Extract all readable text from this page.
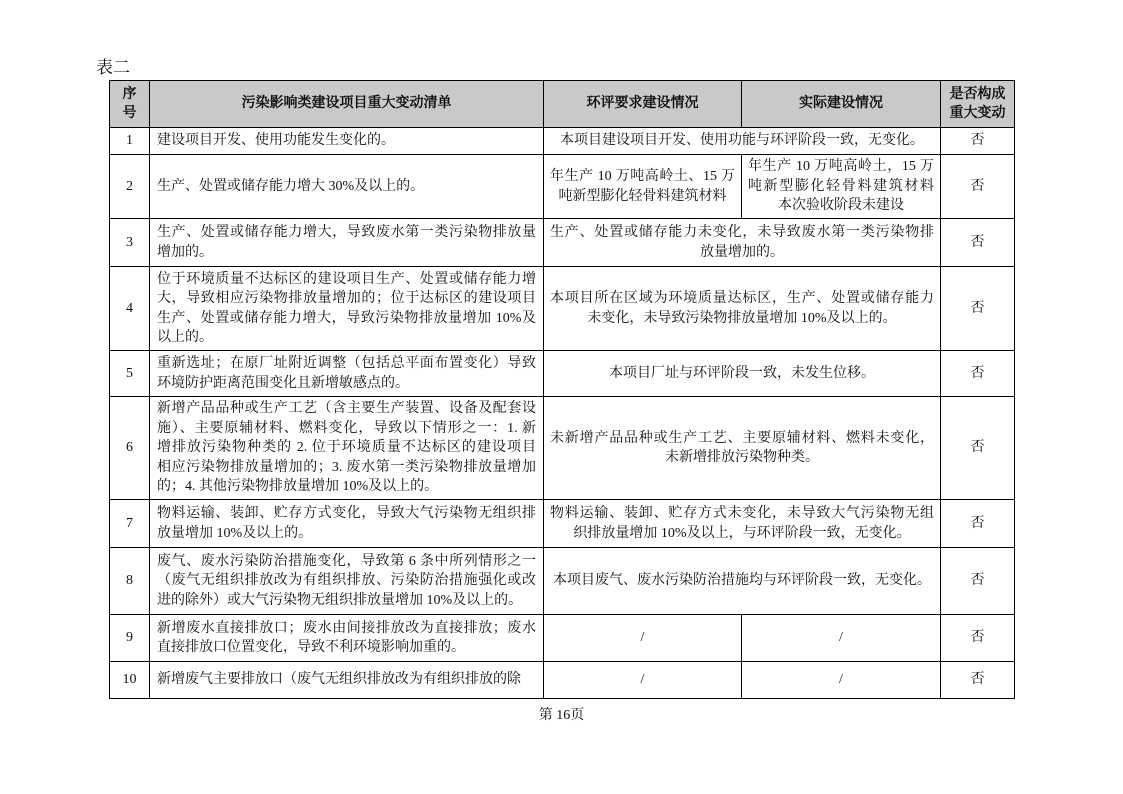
表二
序
号	污染影响类建设项目重大变动清单	环评要求建设情况	实际建设情况	是否构成
重大变动

1	建设项目开发、使用功能发生变化的。	本项目建设项目开发、使用功能与环评阶段一致，无变化。		否
2	生产、处置或储存能力增大 30%及以上的。	年生产 10 万吨高岭土、15 万
吨新型膨化轻骨料建筑材料	年生产 10 万吨高岭土，15 万
吨新型膨化轻骨料建筑材料
本次验收阶段未建设	否
3	生产、处置或储存能力增大，导致废水第一类污染物排放量
增加的。	生产、处置或储存能力未变化，未导致废水第一类污染物排
放量增加的。		否
4	位于环境质量不达标区的建设项目生产、处置或储存能力增
大，导致相应污染物排放量增加的；位于达标区的建设项目
生产、处置或储存能力增大，导致污染物排放量增加 10%及
以上的。	本项目所在区域为环境质量达标区，生产、处置或储存能力
未变化，未导致污染物排放量增加 10%及以上的。		否
5	重新选址；在原厂址附近调整（包括总平面布置变化）导致
环境防护距离范围变化且新增敏感点的。	本项目厂址与环评阶段一致，未发生位移。		否
6	新增产品品种或生产工艺（含主要生产装置、设备及配套设
施）、主要原辅材料、燃料变化，导致以下情形之一：1. 新
增排放污染物种类的 2. 位于环境质量不达标区的建设项目
相应污染物排放量增加的；3. 废水第一类污染物排放量增加
的；4. 其他污染物排放量增加 10%及以上的。	未新增产品品种或生产工艺、主要原辅材料、燃料未变化，
未新增排放污染物种类。		否
7	物料运输、装卸、贮存方式变化，导致大气污染物无组织排
放量增加 10%及以上的。	物料运输、装卸、贮存方式未变化，未导致大气污染物无组
织排放量增加 10%及以上，与环评阶段一致，无变化。		否
8	废气、废水污染防治措施变化，导致第 6 条中所列情形之一
（废气无组织排放改为有组织排放、污染防治措施强化或改
进的除外）或大气污染物无组织排放量增加 10%及以上的。	本项目废气、废水污染防治措施均与环评阶段一致，无变化。		否
9	新增废水直接排放口；废水由间接排放改为直接排放；废水
直接排放口位置变化，导致不利环境影响加重的。	/	/	否
10	新增废气主要排放口（废气无组织排放改为有组织排放的除	/	/	否
第 16页
